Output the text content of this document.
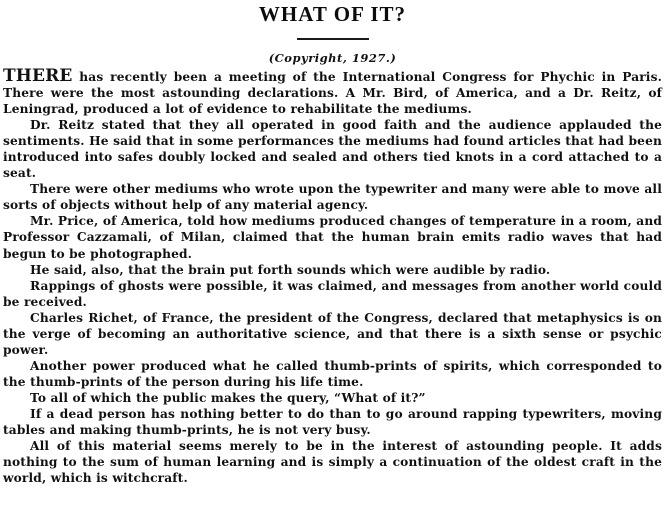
WHAT OF IT?
(Copyright, 1927.)

THERE has recently been a meeting of the International Congress for Phychic in Paris. There were the most astounding declarations. A Mr. Bird, of America, and a Dr. Reitz, of Leningrad, produced a lot of evidence to rehabilitate the mediums.

Dr. Reitz stated that they all operated in good faith and the audience applauded the sentiments. He said that in some performances the mediums had found articles that had been introduced into safes doubly locked and sealed and others tied knots in a cord attached to a seat.

There were other mediums who wrote upon the typewriter and many were able to move all sorts of objects without help of any material agency.

Mr. Price, of America, told how mediums produced changes of temperature in a room, and Professor Cazzamali, of Milan, claimed that the human brain emits radio waves that had begun to be photographed.

He said, also, that the brain put forth sounds which were audible by radio.

Rappings of ghosts were possible, it was claimed, and messages from another world could be received.

Charles Richet, of France, the president of the Congress, declared that metaphysics is on the verge of becoming an authoritative science, and that there is a sixth sense or psychic power.

Another power produced what he called thumb-prints of spirits, which corresponded to the thumb-prints of the person during his life time.

To all of which the public makes the query, “What of it?”

If a dead person has nothing better to do than to go around rapping typewriters, moving tables and making thumb-prints, he is not very busy.

All of this material seems merely to be in the interest of astounding people. It adds nothing to the sum of human learning and is simply a continuation of the oldest craft in the world, which is witchcraft.
